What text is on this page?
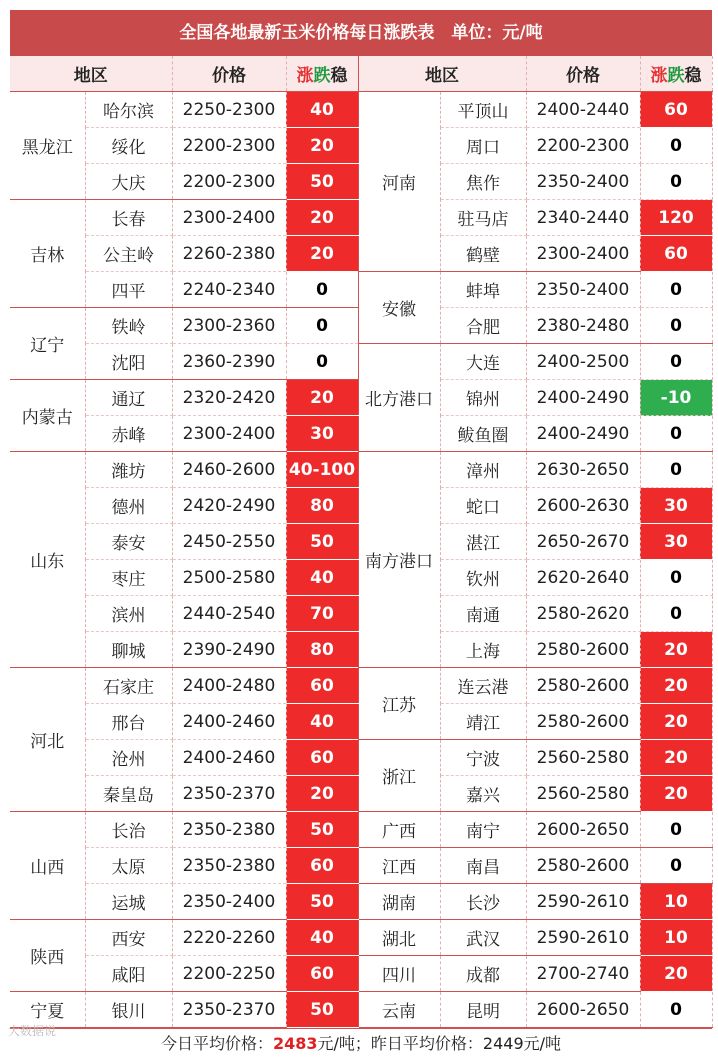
全国各地最新玉米价格每日涨跌表　单位：元/吨
地区		价格	涨跌稳	地区		价格	涨跌稳
黑龙江	哈尔滨	2250-2300	40	河南	平顶山	2400-2440	60
	绥化	2200-2300	20		周口	2200-2300	0
	大庆	2200-2300	50		焦作	2350-2400	0
吉林	长春	2300-2400	20		驻马店	2340-2440	120
	公主岭	2260-2380	20		鹤壁	2300-2400	60
	四平	2240-2340	0	安徽	蚌埠	2350-2400	0
辽宁	铁岭	2300-2360	0		合肥	2380-2480	0
	沈阳	2360-2390	0	北方港口	大连	2400-2500	0
内蒙古	通辽	2320-2420	20		锦州	2400-2490	-10
	赤峰	2300-2400	30		鲅鱼圈	2400-2490	0
山东	潍坊	2460-2600	40-100	南方港口	漳州	2630-2650	0
	德州	2420-2490	80		蛇口	2600-2630	30
	泰安	2450-2550	50		湛江	2650-2670	30
	枣庄	2500-2580	40		钦州	2620-2640	0
	滨州	2440-2540	70		南通	2580-2620	0
	聊城	2390-2490	80		上海	2580-2600	20
河北	石家庄	2400-2480	60	江苏	连云港	2580-2600	20
	邢台	2400-2460	40		靖江	2580-2600	20
	沧州	2400-2460	60	浙江	宁波	2560-2580	20
	秦皇岛	2350-2370	20		嘉兴	2560-2580	20
山西	长治	2350-2380	50	广西	南宁	2600-2650	0
	太原	2350-2380	60	江西	南昌	2580-2600	0
	运城	2350-2400	50	湖南	长沙	2590-2610	10
陕西	西安	2220-2260	40	湖北	武汉	2590-2610	10
	咸阳	2200-2250	60	四川	成都	2700-2740	20
宁夏	银川	2350-2370	50	云南	昆明	2600-2650	0
今日平均价格：2483元/吨；昨日平均价格：2449元/吨
大数据说
